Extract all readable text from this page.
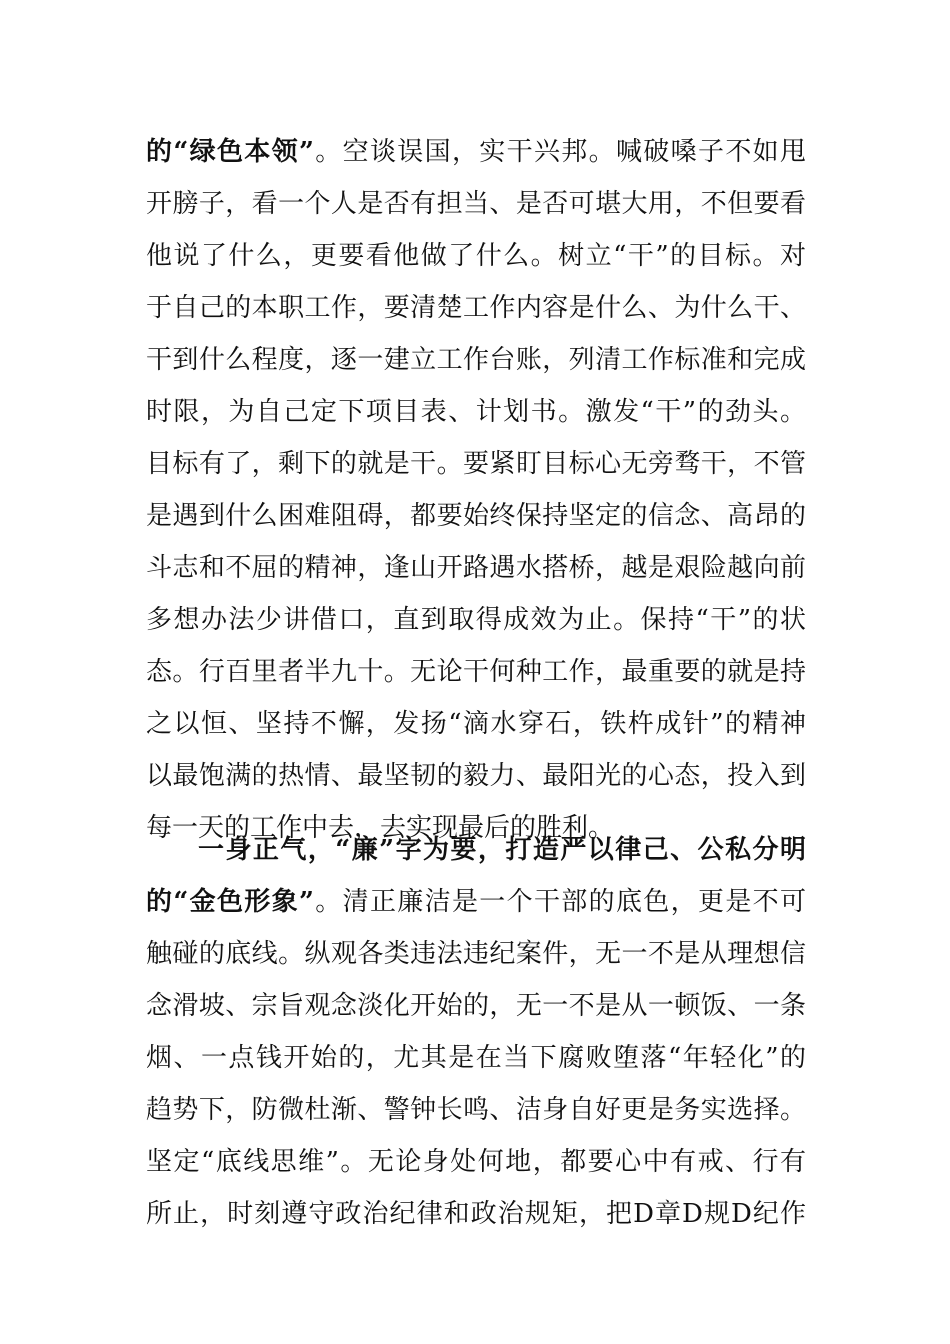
的“绿色本领”。空谈误国，实干兴邦。喊破嗓子不如甩
开膀子，看一个人是否有担当、是否可堪大用，不但要看
他说了什么，更要看他做了什么。树立“干”的目标。对
于自己的本职工作，要清楚工作内容是什么、为什么干、
干到什么程度，逐一建立工作台账，列清工作标准和完成
时限，为自己定下项目表、计划书。激发“干”的劲头。
目标有了，剩下的就是干。要紧盯目标心无旁骛干，不管
是遇到什么困难阻碍，都要始终保持坚定的信念、高昂的
斗志和不屈的精神，逢山开路遇水搭桥，越是艰险越向前
多想办法少讲借口，直到取得成效为止。保持“干”的状
态。行百里者半九十。无论干何种工作，最重要的就是持
之以恒、坚持不懈，发扬“滴水穿石，铁杵成针”的精神
以最饱满的热情、最坚韧的毅力、最阳光的心态，投入到
每一天的工作中去，去实现最后的胜利。
一身正气，“廉”字为要，打造严以律己、公私分明
的“金色形象”。清正廉洁是一个干部的底色，更是不可
触碰的底线。纵观各类违法违纪案件，无一不是从理想信
念滑坡、宗旨观念淡化开始的，无一不是从一顿饭、一条
烟、一点钱开始的，尤其是在当下腐败堕落“年轻化”的
趋势下，防微杜渐、警钟长鸣、洁身自好更是务实选择。
坚定“底线思维”。无论身处何地，都要心中有戒、行有
所止，时刻遵守政治纪律和政治规矩，把D章D规D纪作
